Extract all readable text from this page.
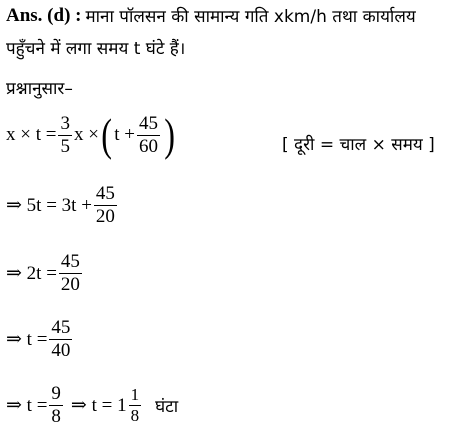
Ans. (d) : माना पॉलसन की सामान्य गति xkm/h तथा कार्यालय
पहुँचने में लगा समय t घंटे हैं।
प्रश्नानुसार–
$x \times t = \frac{3}{5}$ x × ( $t + \frac{45}{60}$ )	[ दूरी = चाल × समय ]
⇒ $5t = 3t + \frac{45}{20}$
⇒ $2t = \frac{45}{20}$
⇒ $t = \frac{45}{40}$
⇒ $t = \frac{9}{8}$ ⇒ $t = 1 \frac{1}{8}$ घंटा
